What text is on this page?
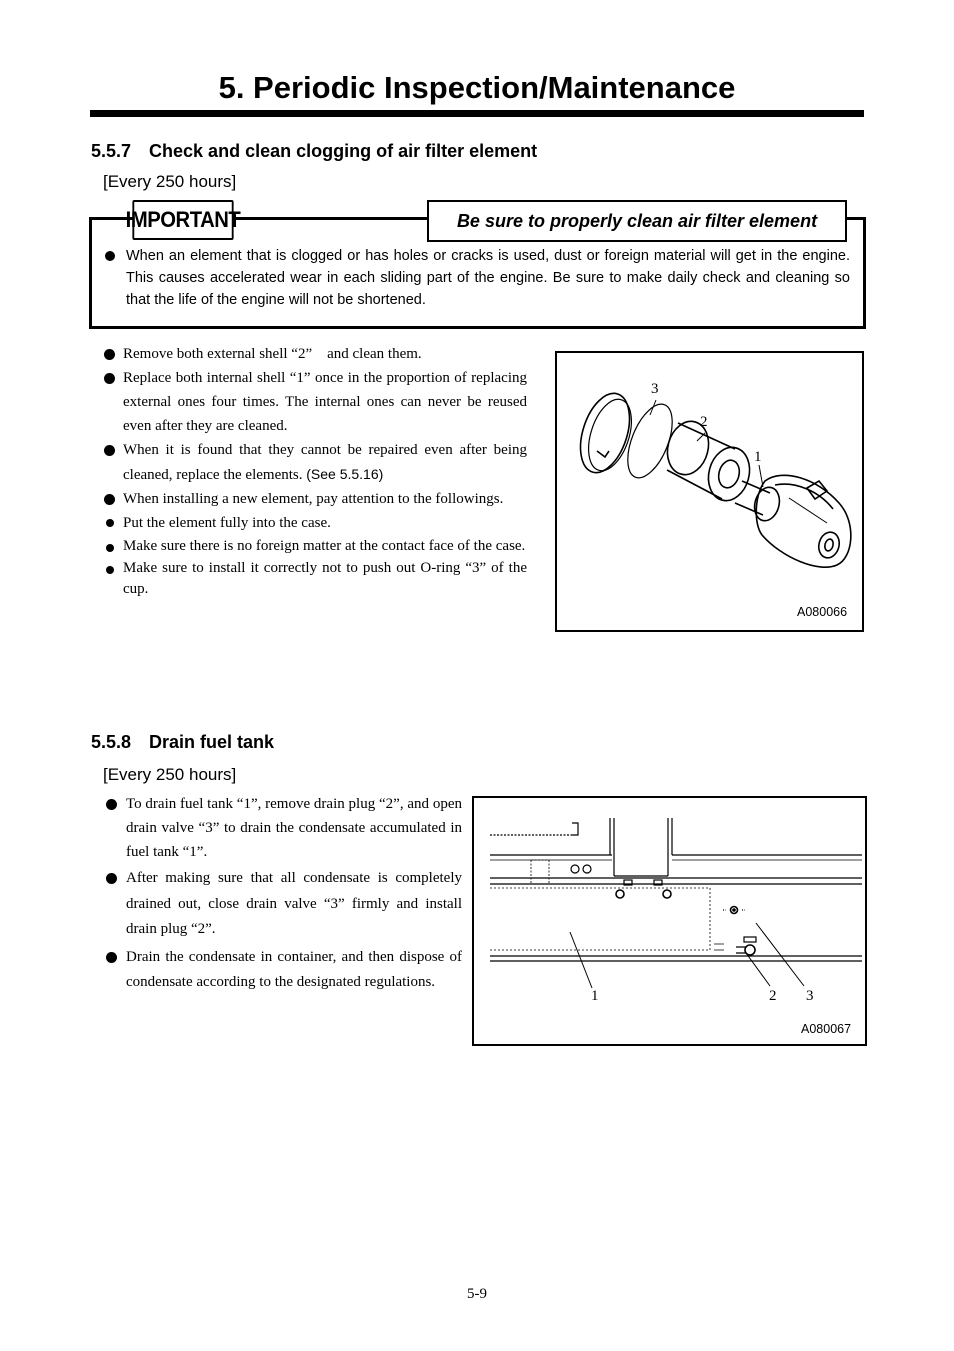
5. Periodic Inspection/Maintenance
5.5.7 Check and clean clogging of air filter element
[Every 250 hours]
IMPORTANT	Be sure to properly clean air filter element
When an element that is clogged or has holes or cracks is used, dust or foreign material will get in the engine. This causes accelerated wear in each sliding part of the engine. Be sure to make daily check and cleaning so that the life of the engine will not be shortened.
Remove both external shell “2” and clean them.
Replace both internal shell “1” once in the proportion of replacing external ones four times. The internal ones can never be reused even after they are cleaned.
When it is found that they cannot be repaired even after being cleaned, replace the elements. (See 5.5.16)
When installing a new element, pay attention to the followings.
Put the element fully into the case.
Make sure there is no foreign matter at the contact face of the case.
Make sure to install it correctly not to push out O-ring “3” of the cup.
3
2
1
A080066
5.5.8 Drain fuel tank
[Every 250 hours]
To drain fuel tank “1”, remove drain plug “2”, and open drain valve “3” to drain the condensate accumulated in fuel tank “1”.
After making sure that all condensate is completely drained out, close drain valve “3” firmly and install drain plug “2”.
Drain the condensate in container, and then dispose of condensate according to the designated regulations.
1	2 3
A080067
5-9
